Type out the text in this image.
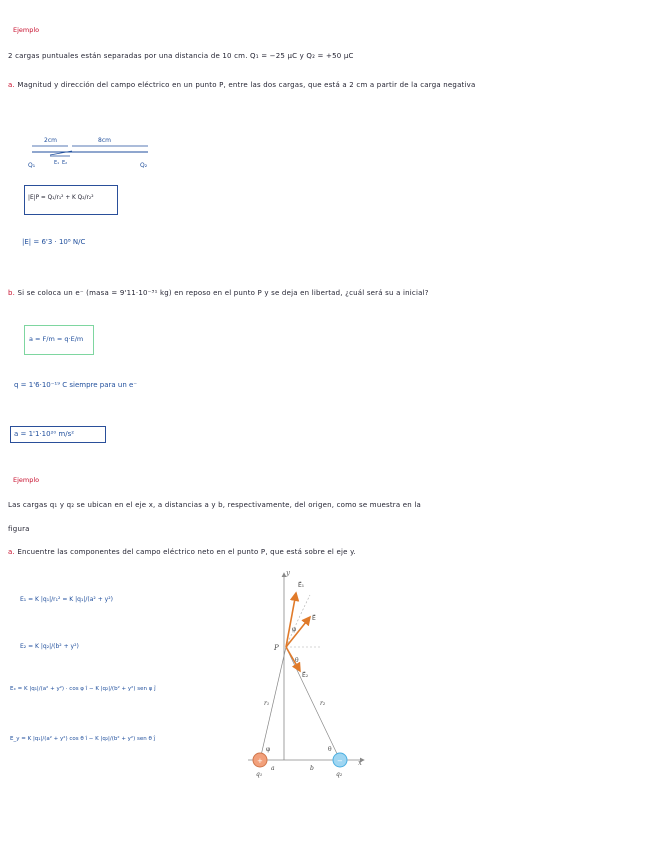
Ejemplo
2 cargas puntuales están separadas por una distancia de 10 cm. Q₁ = −25 μC y Q₂ = +50 μC
a. Magnitud y dirección del campo eléctrico en un punto P, entre las dos cargas, que está a 2 cm a partir de la carga negativa
2cm	8cm
E₁ E₂
Q₁	Q₂
|E|P = Q₁/r₁² + K Q₂/r₂²
|E| = 6'3 · 10⁸ N/C
b. Si se coloca un e⁻ (masa = 9'11·10⁻³¹ kg) en reposo en el punto P y se deja en libertad, ¿cuál será su a inicial?
a = F/m = q·E/m
q = 1'6·10⁻¹⁹ C siempre para un e⁻
a = 1'1·10²⁰ m/s²
Ejemplo
Las cargas q₁ y q₂ se ubican en el eje x, a distancias a y b, respectivamente, del origen, como se muestra en la
figura
a. Encuentre las componentes del campo eléctrico neto en el punto P, que está sobre el eje y.
E₁ = K |q₁|/r₁² = K |q₁|/(a² + y²)
E₂ = K |q₂|/(b² + y²)
Eₓ = K |q₁|/(a² + y²) · cos φ î − K |q₂|/(b² + y²) sen φ ĵ
E_y = K |q₁|/(a² + y²) cos θ î − K |q₂|/(b² + y²) sen θ ĵ
y
x
E⃗₁
E⃗
E⃗₂
P
φ
θ
r₁	r₂
φ	θ
a	b
+	−
q₁	q₂
